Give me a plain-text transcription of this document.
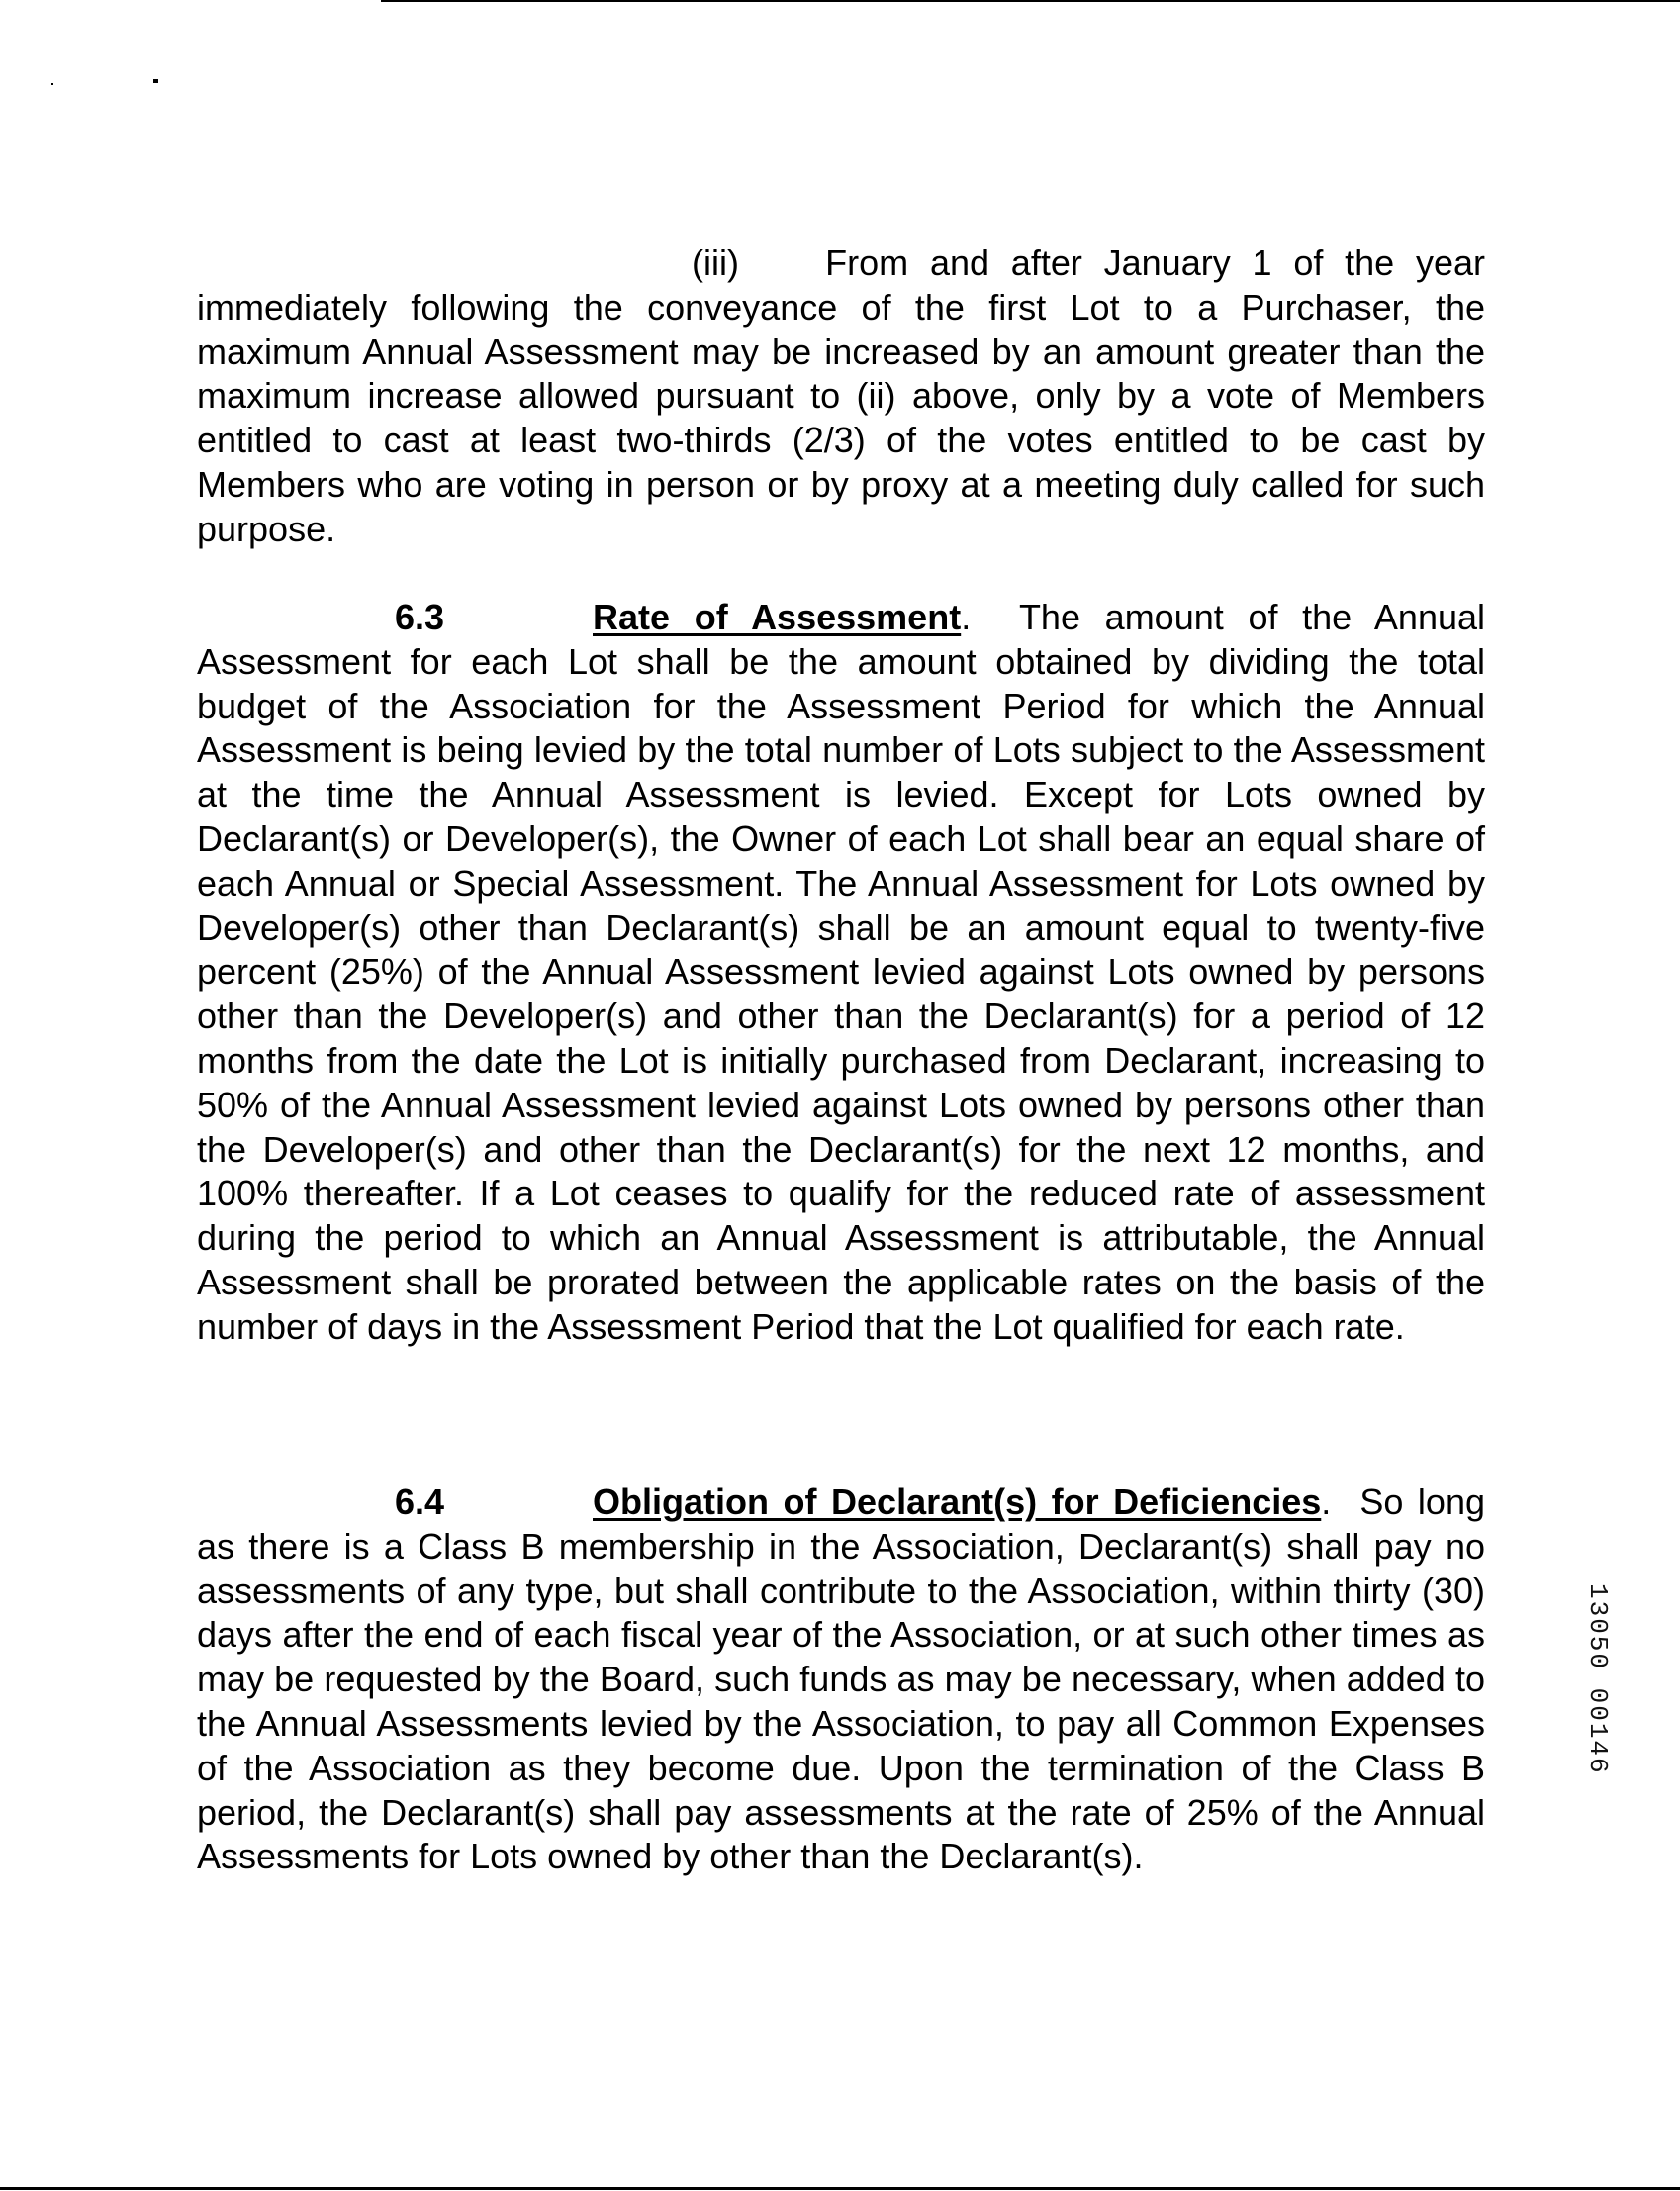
(iii) From and after January 1 of the year immediately following the conveyance of the first Lot to a Purchaser, the maximum Annual Assessment may be increased by an amount greater than the maximum increase allowed pursuant to (ii) above, only by a vote of Members entitled to cast at least two-thirds (2/3) of the votes entitled to be cast by Members who are voting in person or by proxy at a meeting duly called for such purpose.

6.3	Rate of Assessment.  The amount of the Annual Assessment for each Lot shall be the amount obtained by dividing the total budget of the Association for the Assessment Period for which the Annual Assessment is being levied by the total number of Lots subject to the Assessment at the time the Annual Assessment is levied. Except for Lots owned by Declarant(s) or Developer(s), the Owner of each Lot shall bear an equal share of each Annual or Special Assessment. The Annual Assessment for Lots owned by Developer(s) other than Declarant(s) shall be an amount equal to twenty-five percent (25%) of the Annual Assessment levied against Lots owned by persons other than the Developer(s) and other than the Declarant(s) for a period of 12 months from the date the Lot is initially purchased from Declarant, increasing to 50% of the Annual Assessment levied against Lots owned by persons other than the Developer(s) and other than the Declarant(s) for the next 12 months, and 100% thereafter. If a Lot ceases to qualify for the reduced rate of assessment during the period to which an Annual Assessment is attributable, the Annual Assessment shall be prorated between the applicable rates on the basis of the number of days in the Assessment Period that the Lot qualified for each rate.

6.4	Obligation of Declarant(s) for Deficiencies.  So long as there is a Class B membership in the Association, Declarant(s) shall pay no assessments of any type, but shall contribute to the Association, within thirty (30) days after the end of each fiscal year of the Association, or at such other times as may be requested by the Board, such funds as may be necessary, when added to the Annual Assessments levied by the Association, to pay all Common Expenses of the Association as they become due. Upon the termination of the Class B period, the Declarant(s) shall pay assessments at the rate of 25% of the Annual Assessments for Lots owned by other than the Declarant(s).

13050 00146
